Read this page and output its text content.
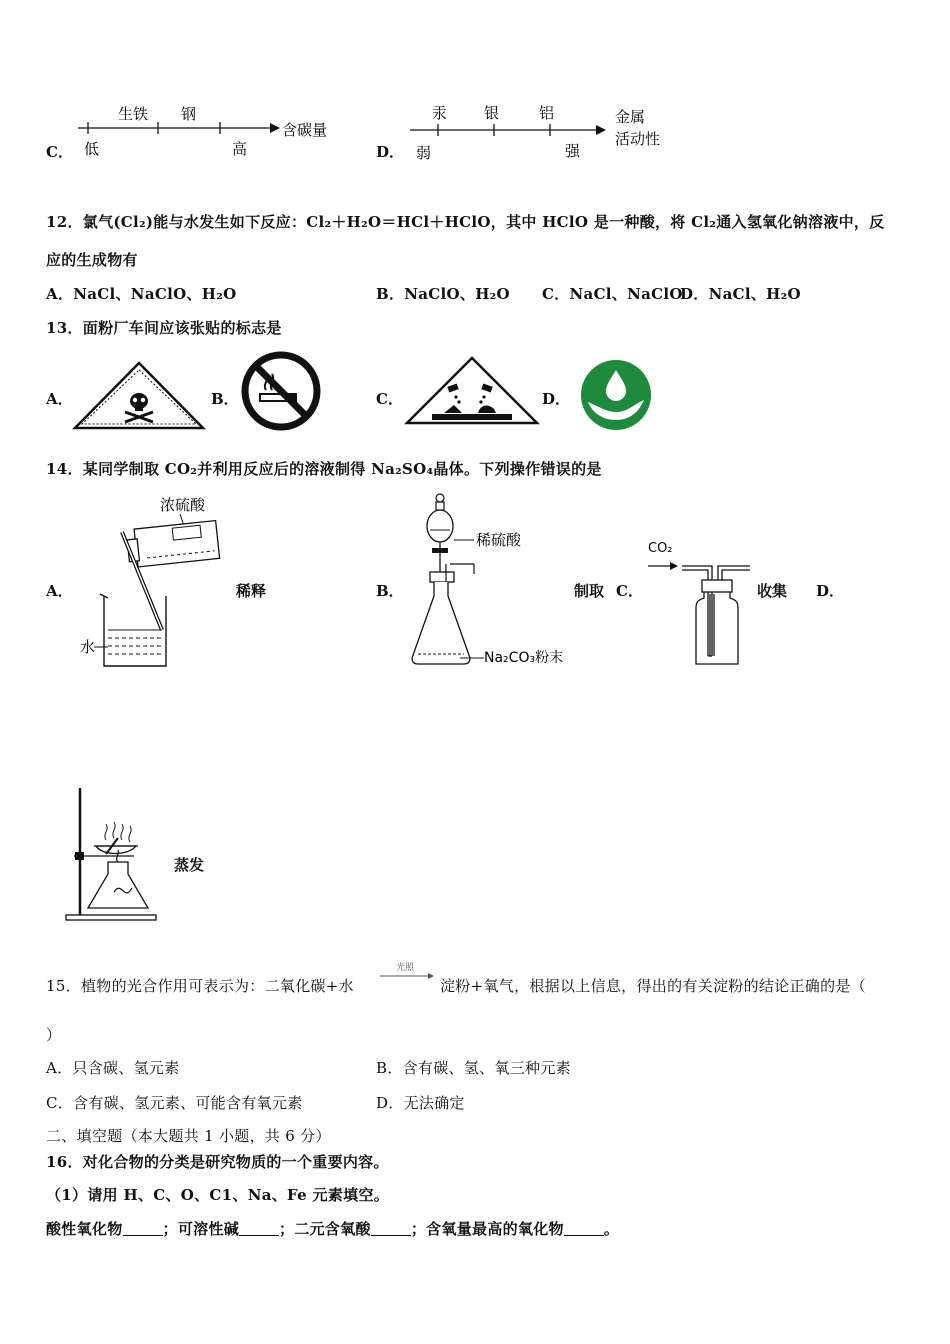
C．
生铁 钢
含碳量
低	高	D．
汞 银	铝	金属
活动性
弱	强
12．氯气(Cl₂)能与水发生如下反应：Cl₂＋H₂O＝HCl＋HClO，其中 HClO 是一种酸，将 Cl₂通入氢氧化钠溶液中，反
应的生成物有
A．NaCl、NaClO、H₂O	B．NaClO、H₂O C．NaCl、NaClO
D．NaCl、H₂O
13．面粉厂车间应该张贴的标志是
A．	B．	C．	D．
14．某同学制取 CO₂并利用反应后的溶液制得 Na₂SO₄晶体。下列操作错误的是
A．
浓硫酸
水
稀释	B．
稀硫酸
Na₂CO₃粉末
制取 C．
CO₂
收集 D．
蒸发
15．植物的光合作用可表示为：二氧化碳+水
光照
淀粉+氧气，根据以上信息，得出的有关淀粉的结论正确的是（
）
A．只含碳、氢元素	B．含有碳、氢、氧三种元素
C．含有碳、氢元素、可能含有氧元素	D．无法确定
二、填空题（本大题共 1 小题，共 6 分）
16．对化合物的分类是研究物质的一个重要内容。
（1）请用 H、C、O、C1、Na、Fe 元素填空。
酸性氧化物	；可溶性碱	；二元含氧酸	；含氧量最高的氧化物	。
